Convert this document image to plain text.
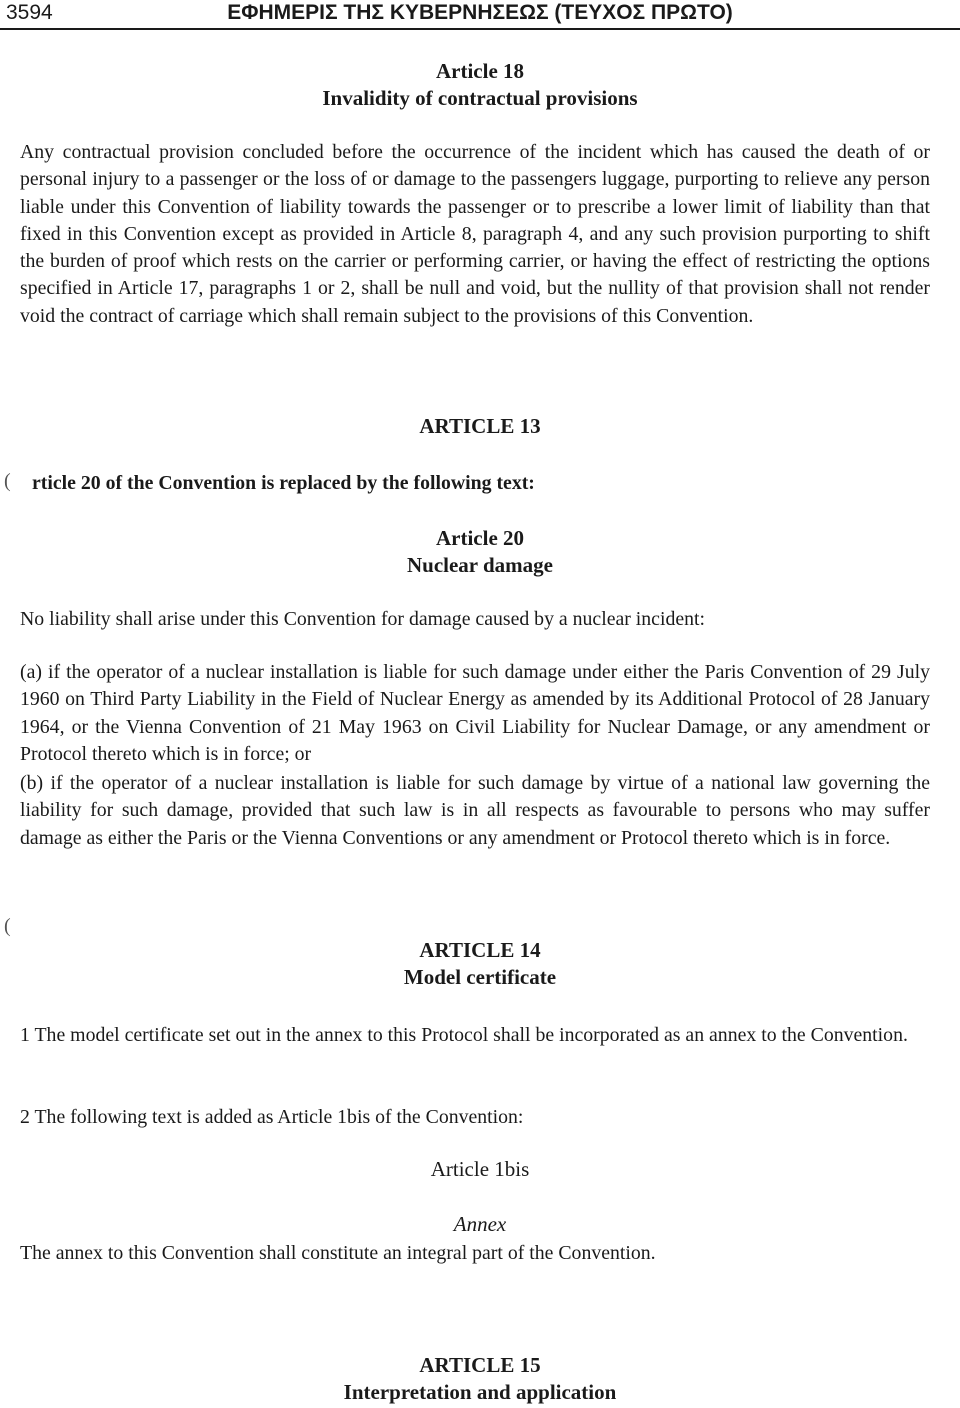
3594	ΕΦΗΜΕΡΙΣ ΤΗΣ ΚΥΒΕΡΝΗΣΕΩΣ (ΤΕΥΧΟΣ ΠΡΩΤΟ)
Article 18
Invalidity of contractual provisions
Any contractual provision concluded before the occurrence of the incident which has caused the death of or personal injury to a passenger or the loss of or damage to the passengers luggage, purporting to relieve any person liable under this Convention of liability towards the passenger or to prescribe a lower limit of liability than that fixed in this Convention except as provided in Article 8, paragraph 4, and any such provision purporting to shift the burden of proof which rests on the carrier or performing carrier, or having the effect of restricting the options specified in Article 17, paragraphs 1 or 2, shall be null and void, but the nullity of that provision shall not render void the contract of carriage which shall remain subject to the provisions of this Convention.
ARTICLE 13
( rticle 20 of the Convention is replaced by the following text:
Article 20
Nuclear damage
No liability shall arise under this Convention for damage caused by a nuclear incident:
(a) if the operator of a nuclear installation is liable for such damage under either the Paris Convention of 29 July 1960 on Third Party Liability in the Field of Nuclear Energy as amended by its Additional Protocol of 28 January 1964, or the Vienna Convention of 21 May 1963 on Civil Liability for Nuclear Damage, or any amendment or Protocol thereto which is in force; or
(b) if the operator of a nuclear installation is liable for such damage by virtue of a national law governing the liability for such damage, provided that such law is in all respects as favourable to persons who may suffer damage as either the Paris or the Vienna Conventions or any amendment or Protocol thereto which is in force.
(
ARTICLE 14
Model certificate
1 The model certificate set out in the annex to this Protocol shall be incorporated as an annex to the Convention.
2 The following text is added as Article 1bis of the Convention:
Article 1bis
Annex
The annex to this Convention shall constitute an integral part of the Convention.
ARTICLE 15
Interpretation and application
